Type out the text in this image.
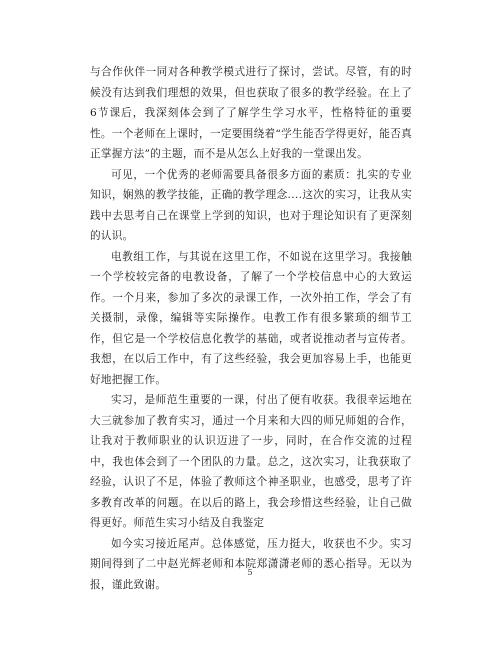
与合作伙伴一同对各种教学模式进行了探讨，尝试。尽管，有的时候没有达到我们理想的效果，但也获取了很多的教学经验。在上了6节课后，我深刻体会到了了解学生学习水平，性格特征的重要性。一个老师在上课时，一定要围绕着“学生能否学得更好，能否真正掌握方法”的主题，而不是从怎么上好我的一堂课出发。

可见，一个优秀的老师需要具备很多方面的素质：扎实的专业知识，娴熟的教学技能，正确的教学理念....这次的实习，让我从实践中去思考自己在课堂上学到的知识，也对于理论知识有了更深刻的认识。

电教组工作，与其说在这里工作，不如说在这里学习。我接触一个学校较完备的电教设备，了解了一个学校信息中心的大致运作。一个月来，参加了多次的录课工作，一次外拍工作，学会了有关摄制，录像，编辑等实际操作。电教工作有很多繁琐的细节工作，但它是一个学校信息化教学的基础，或者说推动者与宣传者。我想，在以后工作中，有了这些经验，我会更加容易上手，也能更好地把握工作。

实习，是师范生重要的一课，付出了便有收获。我很幸运地在大三就参加了教育实习，通过一个月来和大四的师兄师姐的合作，让我对于教师职业的认识迈进了一步，同时，在合作交流的过程中，我也体会到了一个团队的力量。总之，这次实习，让我获取了经验，认识了不足，体验了教师这个神圣职业，也感受，思考了许多教育改革的问题。在以后的路上，我会珍惜这些经验，让自己做得更好。师范生实习小结及自我鉴定

如今实习接近尾声。总体感觉，压力挺大，收获也不少。实习期间得到了二中赵光辉老师和本院郑潇潇老师的悉心指导。无以为报，谨此致谢。

5
